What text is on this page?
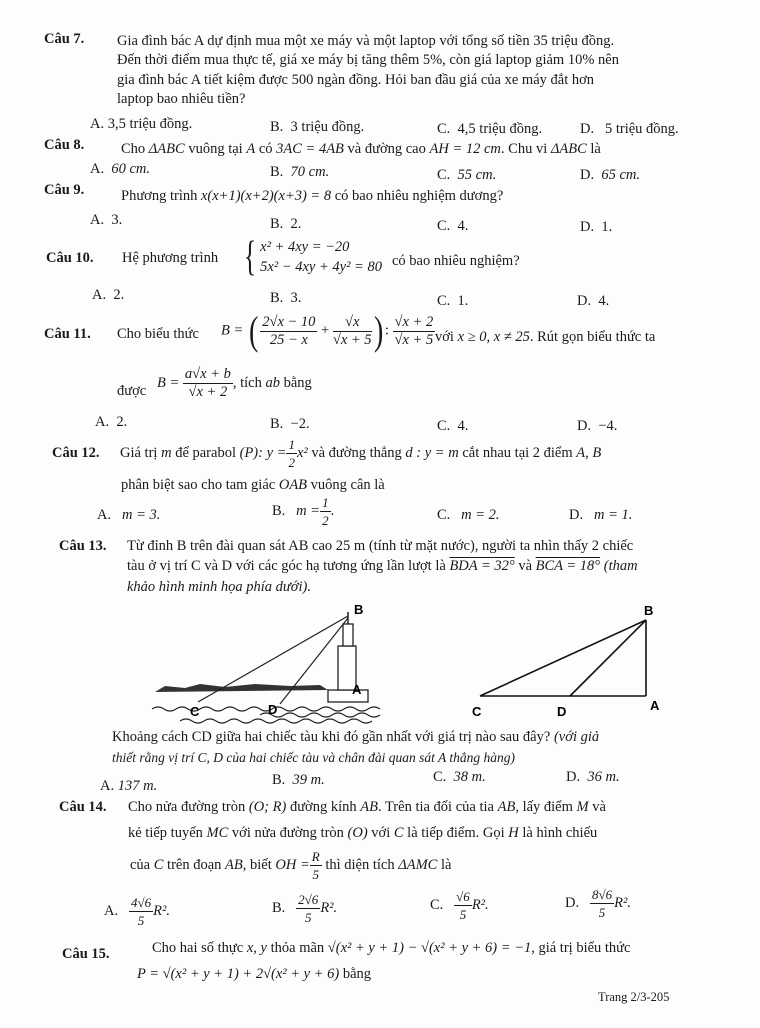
Câu 7. Gia đình bác A dự định mua một xe máy và một laptop với tổng số tiền 35 triệu đồng.
Đến thời điểm mua thực tế, giá xe máy bị tăng thêm 5%, còn giá laptop giảm 10% nên
gia đình bác A tiết kiệm được 500 ngàn đồng. Hỏi ban đầu giá của xe máy đắt hơn
laptop bao nhiêu tiền?
A. 3,5 triệu đồng.	B. 3 triệu đồng.	C. 4,5 triệu đồng.	D. 5 triệu đồng.
Câu 8.	Cho ΔABC vuông tại A có 3AC = 4AB và đường cao AH = 12 cm. Chu vi ΔABC là
A. 60 cm.	B. 70 cm.	C. 55 cm.	D. 65 cm.
Câu 9.	Phương trình x(x+1)(x+2)(x+3) = 8 có bao nhiêu nghiệm dương?
A. 3.	B. 2.	C. 4.	D. 1.
Câu 10. Hệ phương trình { x² + 4xy = −20
5x² − 4xy + 4y² = 80 có bao nhiêu nghiệm?
A. 2.	B. 3.	C. 1.	D. 4.
Câu 11. Cho biểu thức B = ( $\frac{2√x - 10}{25 - x} + \frac{√x}{√x + 5}$ ) : $\frac{√x + 2}{√x + 5}$ với x ≥ 0, x ≠ 25. Rút gọn biểu thức ta
được
$B = \frac{a√x + b}{√x + 2}$ , tích ab bằng
A. 2.	B. −2.	C. 4.	D. −4.
Câu 12. Giá trị m để parabol (P): $y = \frac{1}{2} x^2$ và đường thẳng d : y = m cắt nhau tại 2 điểm A, B
phân biệt sao cho tam giác OAB vuông cân là
A. m = 3.	B. $m = \frac{1}{2}$ .	C. m = 2.	D. m = 1.
Câu 13. Từ đỉnh B trên đài quan sát AB cao 25 m (tính từ mặt nước), người ta nhìn thấy 2 chiếc
tàu ở vị trí C và D với các góc hạ tương ứng lần lượt là BDA = 32° và BCA = 18° (tham
khảo hình minh họa phía dưới).
B
A
C	D
B
A
C	D
Khoảng cách CD giữa hai chiếc tàu khi đó gần nhất với giá trị nào sau đây? (với giả
thiết rằng vị trí C, D của hai chiếc tàu và chân đài quan sát A thẳng hàng)
A. 137 m.	B. 39 m.	C. 38 m.	D. 36 m.
Câu 14. Cho nửa đường tròn (O; R) đường kính AB. Trên tia đối của tia AB, lấy điểm M và
kẻ tiếp tuyến MC với nửa đường tròn (O) với C là tiếp điểm. Gọi H là hình chiếu
của C trên đoạn AB, biết OH = $\frac{R}{5}$ thì diện tích ΔAMC là
A. $\frac{4√6}{5} R^2$.	B. $\frac{2√6}{5} R^2$.	C. $\frac{√6}{5} R^2$.	D. $\frac{8√6}{5} R^2$.
Câu 15.	Cho hai số thực x, y thỏa mãn √(x² + y + 1) − √(x² + y + 6) = −1, giá trị biểu thức
P = √(x² + y + 1) + 2√(x² + y + 6) bằng
Trang 2/3-205
